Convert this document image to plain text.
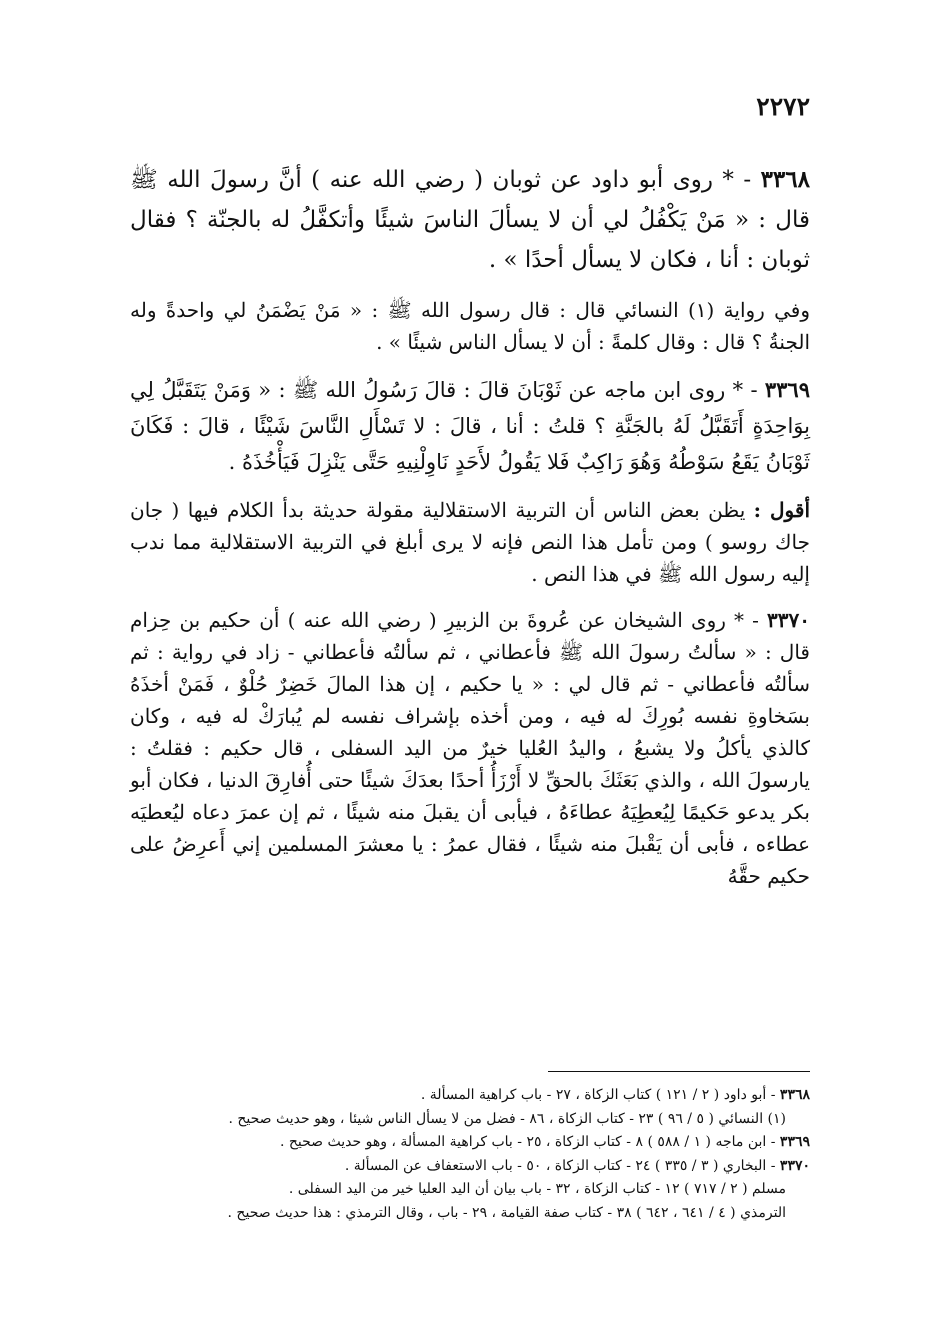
٢٢٧٢

٣٣٦٨ - * روى أبو داود عن ثوبان ( رضي الله عنه ) أنَّ رسولَ الله ﷺ قال : « مَنْ يَكْفُلُ لي أن لا يسألَ الناسَ شيئًا وأتكفَّلُ له بالجنّة ؟ فقال ثوبان : أنا ، فكان لا يسأل أحدًا » .

وفي رواية (١) النسائي قال : قال رسول الله ﷺ : « مَنْ يَضْمَنُ لي واحدةً وله الجنةُ ؟ قال : وقال كلمةً : أن لا يسأل الناس شيئًا » .

٣٣٦٩ - * روى ابن ماجه عن ثَوْبَانَ قالَ : قالَ رَسُولُ الله ﷺ : « وَمَنْ يَتَقَبَّلُ لِي بِوَاحِدَةٍ أَتَقَبَّلُ لَهُ بالجَنَّةِ ؟ قلتُ : أنا ، قالَ : لا تَسْأَلِ النَّاسَ شَيْئًا ، قالَ : فَكَانَ ثَوْبَانُ يَقَعُ سَوْطُهُ وَهُوَ رَاكِبٌ فَلا يَقُولُ لأَحَدٍ نَاوِلْنِيهِ حَتَّى يَنْزِلَ فَيَأْخُذَهُ .

أقول : يظن بعض الناس أن التربية الاستقلالية مقولة حديثة بدأ الكلام فيها ( جان جاك روسو ) ومن تأمل هذا النص فإنه لا يرى أبلغ في التربية الاستقلالية مما ندب إليه رسول الله ﷺ في هذا النص .

٣٣٧٠ - * روى الشيخان عن عُروةَ بن الزبيرِ ( رضي الله عنه ) أن حكيم بن حِزام قال : « سألتُ رسولَ الله ﷺ فأعطاني ، ثم سألتُه فأعطاني - زاد في رواية : ثم سألتُه فأعطاني - ثم قال لي : « يا حكيم ، إن هذا المالَ خَضِرٌ حُلْوٌ ، فَمَنْ أخذَهُ بسَخاوةِ نفسه بُورِكَ له فيه ، ومن أخذه بإشراف نفسه لم يُبارَكْ له فيه ، وكان كالذي يأكلُ ولا يشبعُ ، واليدُ العُليا خيرٌ من اليد السفلى ، قال حكيم : فقلتُ : يارسولَ الله ، والذي بَعَثَكَ بالحقِّ لا أَرْزَأُ أحدًا بعدَكَ شيئًا حتى أُفارِقَ الدنيا ، فكان أبو بكر يدعو حَكيمًا لِيُعطِيَهُ عطاءَهُ ، فيأبى أن يقبلَ منه شيئًا ، ثم إن عمرَ دعاه ليُعطيَه عطاءه ، فأبى أن يَقْبلَ منه شيئًا ، فقال عمرُ : يا معشرَ المسلمين إني أَعرِضُ على حكيم حقَّهُ

٣٣٦٨ - أبو داود ( ٢ / ١٢١ ) كتاب الزكاة ، ٢٧ - باب كراهية المسألة .

(١) النسائي ( ٥ / ٩٦ ) ٢٣ - كتاب الزكاة ، ٨٦ - فضل من لا يسأل الناس شيئا ، وهو حديث صحيح .

٣٣٦٩ - ابن ماجه ( ١ / ٥٨٨ ) ٨ - كتاب الزكاة ، ٢٥ - باب كراهية المسألة ، وهو حديث صحيح .

٣٣٧٠ - البخاري ( ٣ / ٣٣٥ ) ٢٤ - كتاب الزكاة ، ٥٠ - باب الاستعفاف عن المسألة .

مسلم ( ٢ / ٧١٧ ) ١٢ - كتاب الزكاة ، ٣٢ - باب بيان أن اليد العليا خير من اليد السفلى .

الترمذي ( ٤ / ٦٤١ ، ٦٤٢ ) ٣٨ - كتاب صفة القيامة ، ٢٩ - باب ، وقال الترمذي : هذا حديث صحيح .
